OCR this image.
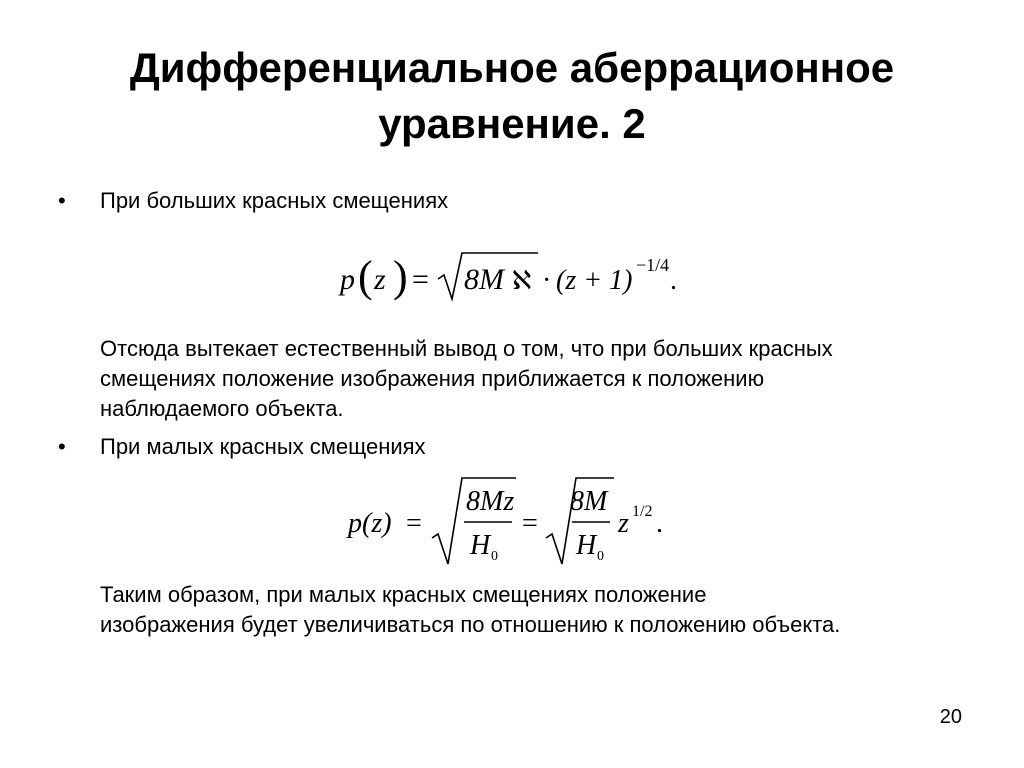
Дифференциальное аберрационное
уравнение. 2
• При больших красных смещениях
p ( z ) = 8M ℵ · (z + 1) −1/4 .
Отсюда вытекает естественный вывод о том, что при больших красных
смещениях положение изображения приближается к положению
наблюдаемого объекта.
• При малых красных смещениях
p(z) =
8Mz
H 0
=
8M
H 0
z 1/2 .
Таким образом, при малых красных смещениях положение
изображения будет увеличиваться по отношению к положению объекта.
20
